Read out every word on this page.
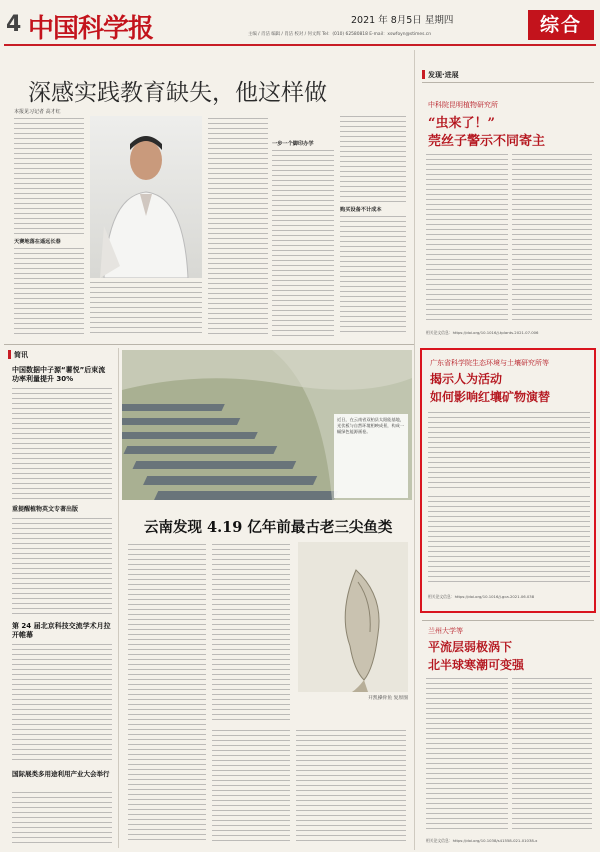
4 中国科学报	2021 年 8月5日 星期四
主编 / 肖洁 编辑 / 肖洁 校对 / 何文辉 Tel：(010) 62580818 E-mail：xswfoyn@stimes.cn	综合
深感实践教育缺失，他这样做
本报见习记者 高才红
天赛地落在遥远长春
一步一个脚印办学
购买设备不计成本
简讯
中国数据中子源“薯悦”后束流功率利量提升 30%
重提醒植物英文专著出版
第 24 届北京科技交流学术月拉开帷幕
国际展类多用途利用产业大会举行
近日，在云南省双柏县太阳能基地，光伏板与自然环境相映成景，构成一幅绿色能源画卷。
云南发现 4.19 亿年前最古老三尖鱼类
开凯操骨鱼 复原图
发现·进展
中科院昆明植物研究所
“虫来了！”
莞丝子警示不同寄主
相关论文信息：https://doi.org/10.1016/j.tplants.2021.07.006
广东省科学院生态环境与土壤研究所等
揭示人为活动
如何影响红壤矿物演替
相关论文信息：https://doi.org/10.1016/j.gca.2021.06.038
兰州大学等
平流层弱极涡下
北半球寒潮可变强
相关论文信息：https://doi.org/10.1038/s41558-021-01038-x
